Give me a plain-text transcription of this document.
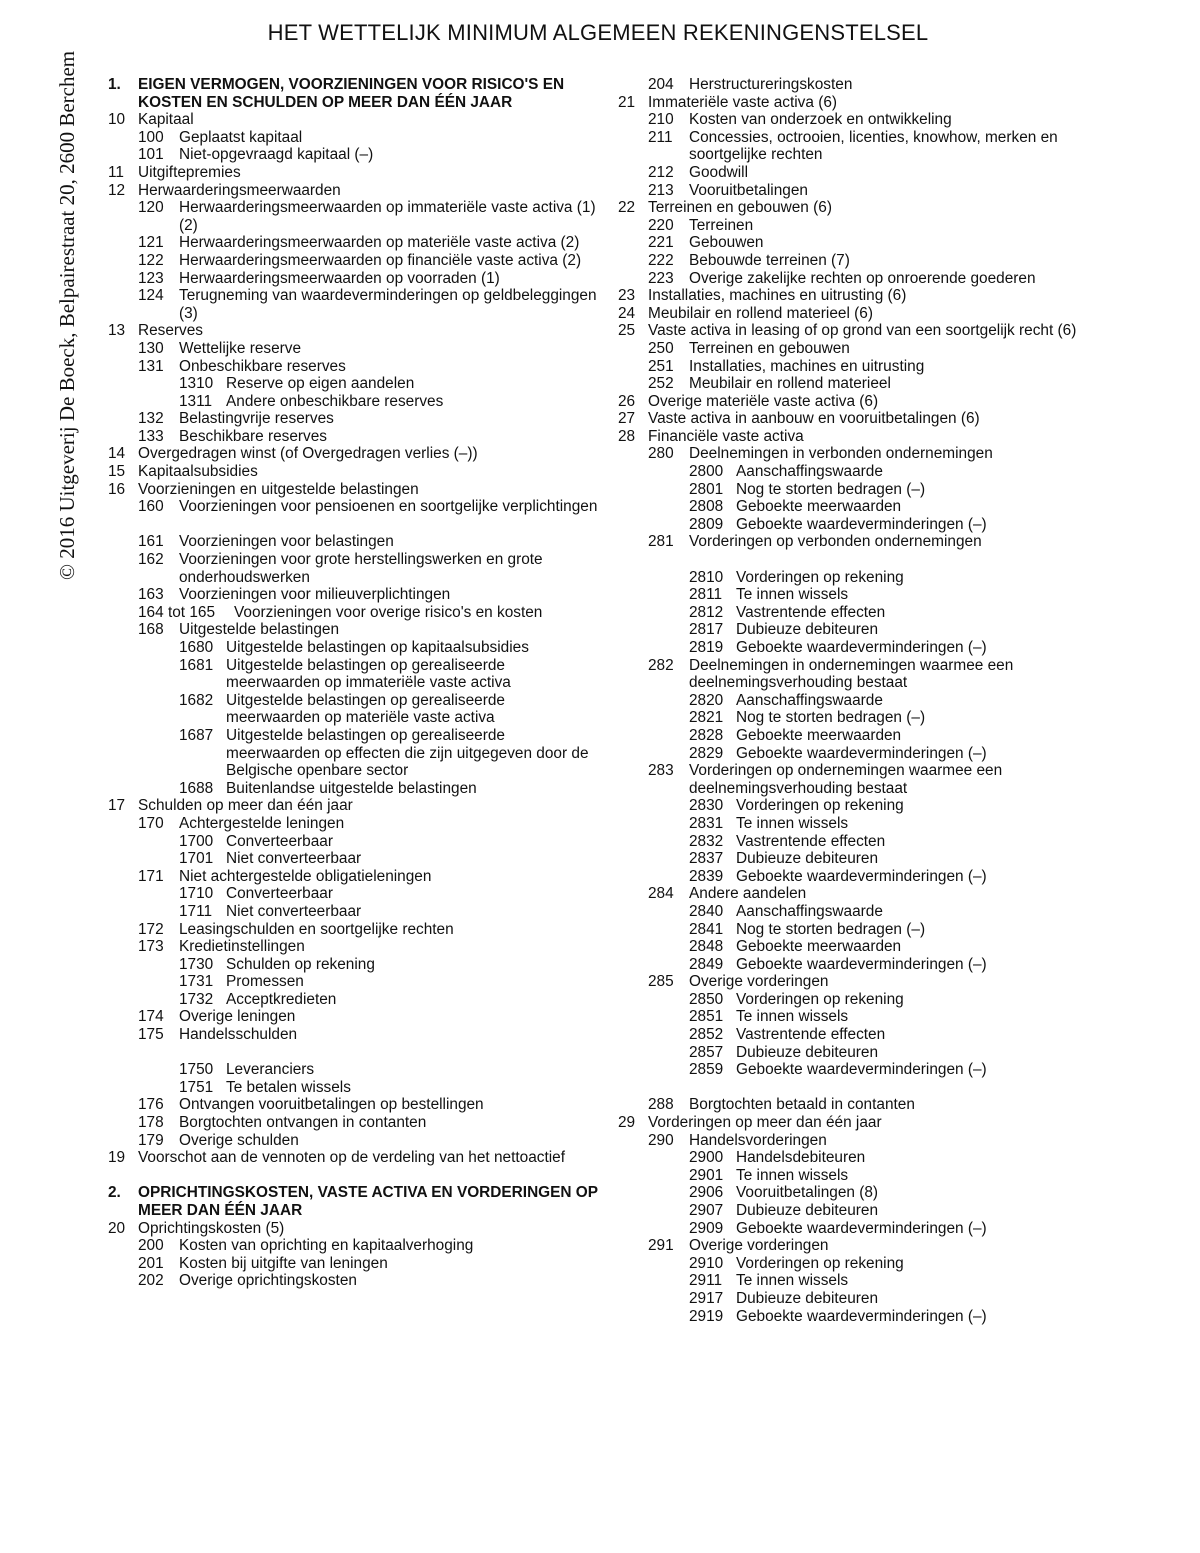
HET WETTELIJK MINIMUM ALGEMEEN REKENINGENSTELSEL
© 2016 Uitgeverij De Boeck, Belpairestraat 20, 2600 Berchem	1. EIGEN VERMOGEN, VOORZIENINGEN VOOR RISICO'S EN KOSTEN EN SCHULDEN OP MEER DAN ÉÉN JAAR
10 Kapitaal
100 Geplaatst kapitaal
101 Niet-opgevraagd kapitaal (–)
11 Uitgiftepremies
12 Herwaarderingsmeerwaarden
120 Herwaarderingsmeerwaarden op immateriële vaste activa (1) (2)
121 Herwaarderingsmeerwaarden op materiële vaste activa (2)
122 Herwaarderingsmeerwaarden op financiële vaste activa (2)
123 Herwaarderingsmeerwaarden op voorraden (1)
124 Terugneming van waardeverminderingen op geldbeleggingen (3)
13 Reserves
130 Wettelijke reserve
131 Onbeschikbare reserves
1310 Reserve op eigen aandelen
1311 Andere onbeschikbare reserves
132 Belastingvrije reserves
133 Beschikbare reserves
14 Overgedragen winst (of Overgedragen verlies (–))
15 Kapitaalsubsidies
16 Voorzieningen en uitgestelde belastingen
160 Voorzieningen voor pensioenen en soortgelijke verplichtingen
161 Voorzieningen voor belastingen
162 Voorzieningen voor grote herstellingswerken en grote onderhoudswerken
163 Voorzieningen voor milieuverplichtingen
164 tot 165 Voorzieningen voor overige risico's en kosten
168 Uitgestelde belastingen
1680 Uitgestelde belastingen op kapitaalsubsidies
1681 Uitgestelde belastingen op gerealiseerde meerwaarden op immateriële vaste activa
1682 Uitgestelde belastingen op gerealiseerde meerwaarden op materiële vaste activa
1687 Uitgestelde belastingen op gerealiseerde meerwaarden op effecten die zijn uitgegeven door de Belgische openbare sector
1688 Buitenlandse uitgestelde belastingen
17 Schulden op meer dan één jaar
170 Achtergestelde leningen
1700 Converteerbaar
1701 Niet converteerbaar
171 Niet achtergestelde obligatieleningen
1710 Converteerbaar
1711 Niet converteerbaar
172 Leasingschulden en soortgelijke rechten
173 Kredietinstellingen
1730 Schulden op rekening
1731 Promessen
1732 Acceptkredieten
174 Overige leningen
175 Handelsschulden
1750 Leveranciers
1751 Te betalen wissels
176 Ontvangen vooruitbetalingen op bestellingen
178 Borgtochten ontvangen in contanten
179 Overige schulden
19 Voorschot aan de vennoten op de verdeling van het nettoactief
2. OPRICHTINGSKOSTEN, VASTE ACTIVA EN VORDERINGEN OP MEER DAN ÉÉN JAAR
20 Oprichtingskosten (5)
200 Kosten van oprichting en kapitaalverhoging
201 Kosten bij uitgifte van leningen
202 Overige oprichtingskosten
204 Herstructureringskosten
21 Immateriële vaste activa (6)
210 Kosten van onderzoek en ontwikkeling
211 Concessies, octrooien, licenties, knowhow, merken en soortgelijke rechten
212 Goodwill
213 Vooruitbetalingen
22 Terreinen en gebouwen (6)
220 Terreinen
221 Gebouwen
222 Bebouwde terreinen (7)
223 Overige zakelijke rechten op onroerende goederen
23 Installaties, machines en uitrusting (6)
24 Meubilair en rollend materieel (6)
25 Vaste activa in leasing of op grond van een soortgelijk recht (6)
250 Terreinen en gebouwen
251 Installaties, machines en uitrusting
252 Meubilair en rollend materieel
26 Overige materiële vaste activa (6)
27 Vaste activa in aanbouw en vooruitbetalingen (6)
28 Financiële vaste activa
280 Deelnemingen in verbonden ondernemingen
2800 Aanschaffingswaarde
2801 Nog te storten bedragen (–)
2808 Geboekte meerwaarden
2809 Geboekte waardeverminderingen (–)
281 Vorderingen op verbonden ondernemingen
2810 Vorderingen op rekening
2811 Te innen wissels
2812 Vastrentende effecten
2817 Dubieuze debiteuren
2819 Geboekte waardeverminderingen (–)
282 Deelnemingen in ondernemingen waarmee een deelnemingsverhouding bestaat
2820 Aanschaffingswaarde
2821 Nog te storten bedragen (–)
2828 Geboekte meerwaarden
2829 Geboekte waardeverminderingen (–)
283 Vorderingen op ondernemingen waarmee een deelnemingsverhouding bestaat
2830 Vorderingen op rekening
2831 Te innen wissels
2832 Vastrentende effecten
2837 Dubieuze debiteuren
2839 Geboekte waardeverminderingen (–)
284 Andere aandelen
2840 Aanschaffingswaarde
2841 Nog te storten bedragen (–)
2848 Geboekte meerwaarden
2849 Geboekte waardeverminderingen (–)
285 Overige vorderingen
2850 Vorderingen op rekening
2851 Te innen wissels
2852 Vastrentende effecten
2857 Dubieuze debiteuren
2859 Geboekte waardeverminderingen (–)
288 Borgtochten betaald in contanten
29 Vorderingen op meer dan één jaar
290 Handelsvorderingen
2900 Handelsdebiteuren
2901 Te innen wissels
2906 Vooruitbetalingen (8)
2907 Dubieuze debiteuren
2909 Geboekte waardeverminderingen (–)
291 Overige vorderingen
2910 Vorderingen op rekening
2911 Te innen wissels
2917 Dubieuze debiteuren
2919 Geboekte waardeverminderingen (–)
